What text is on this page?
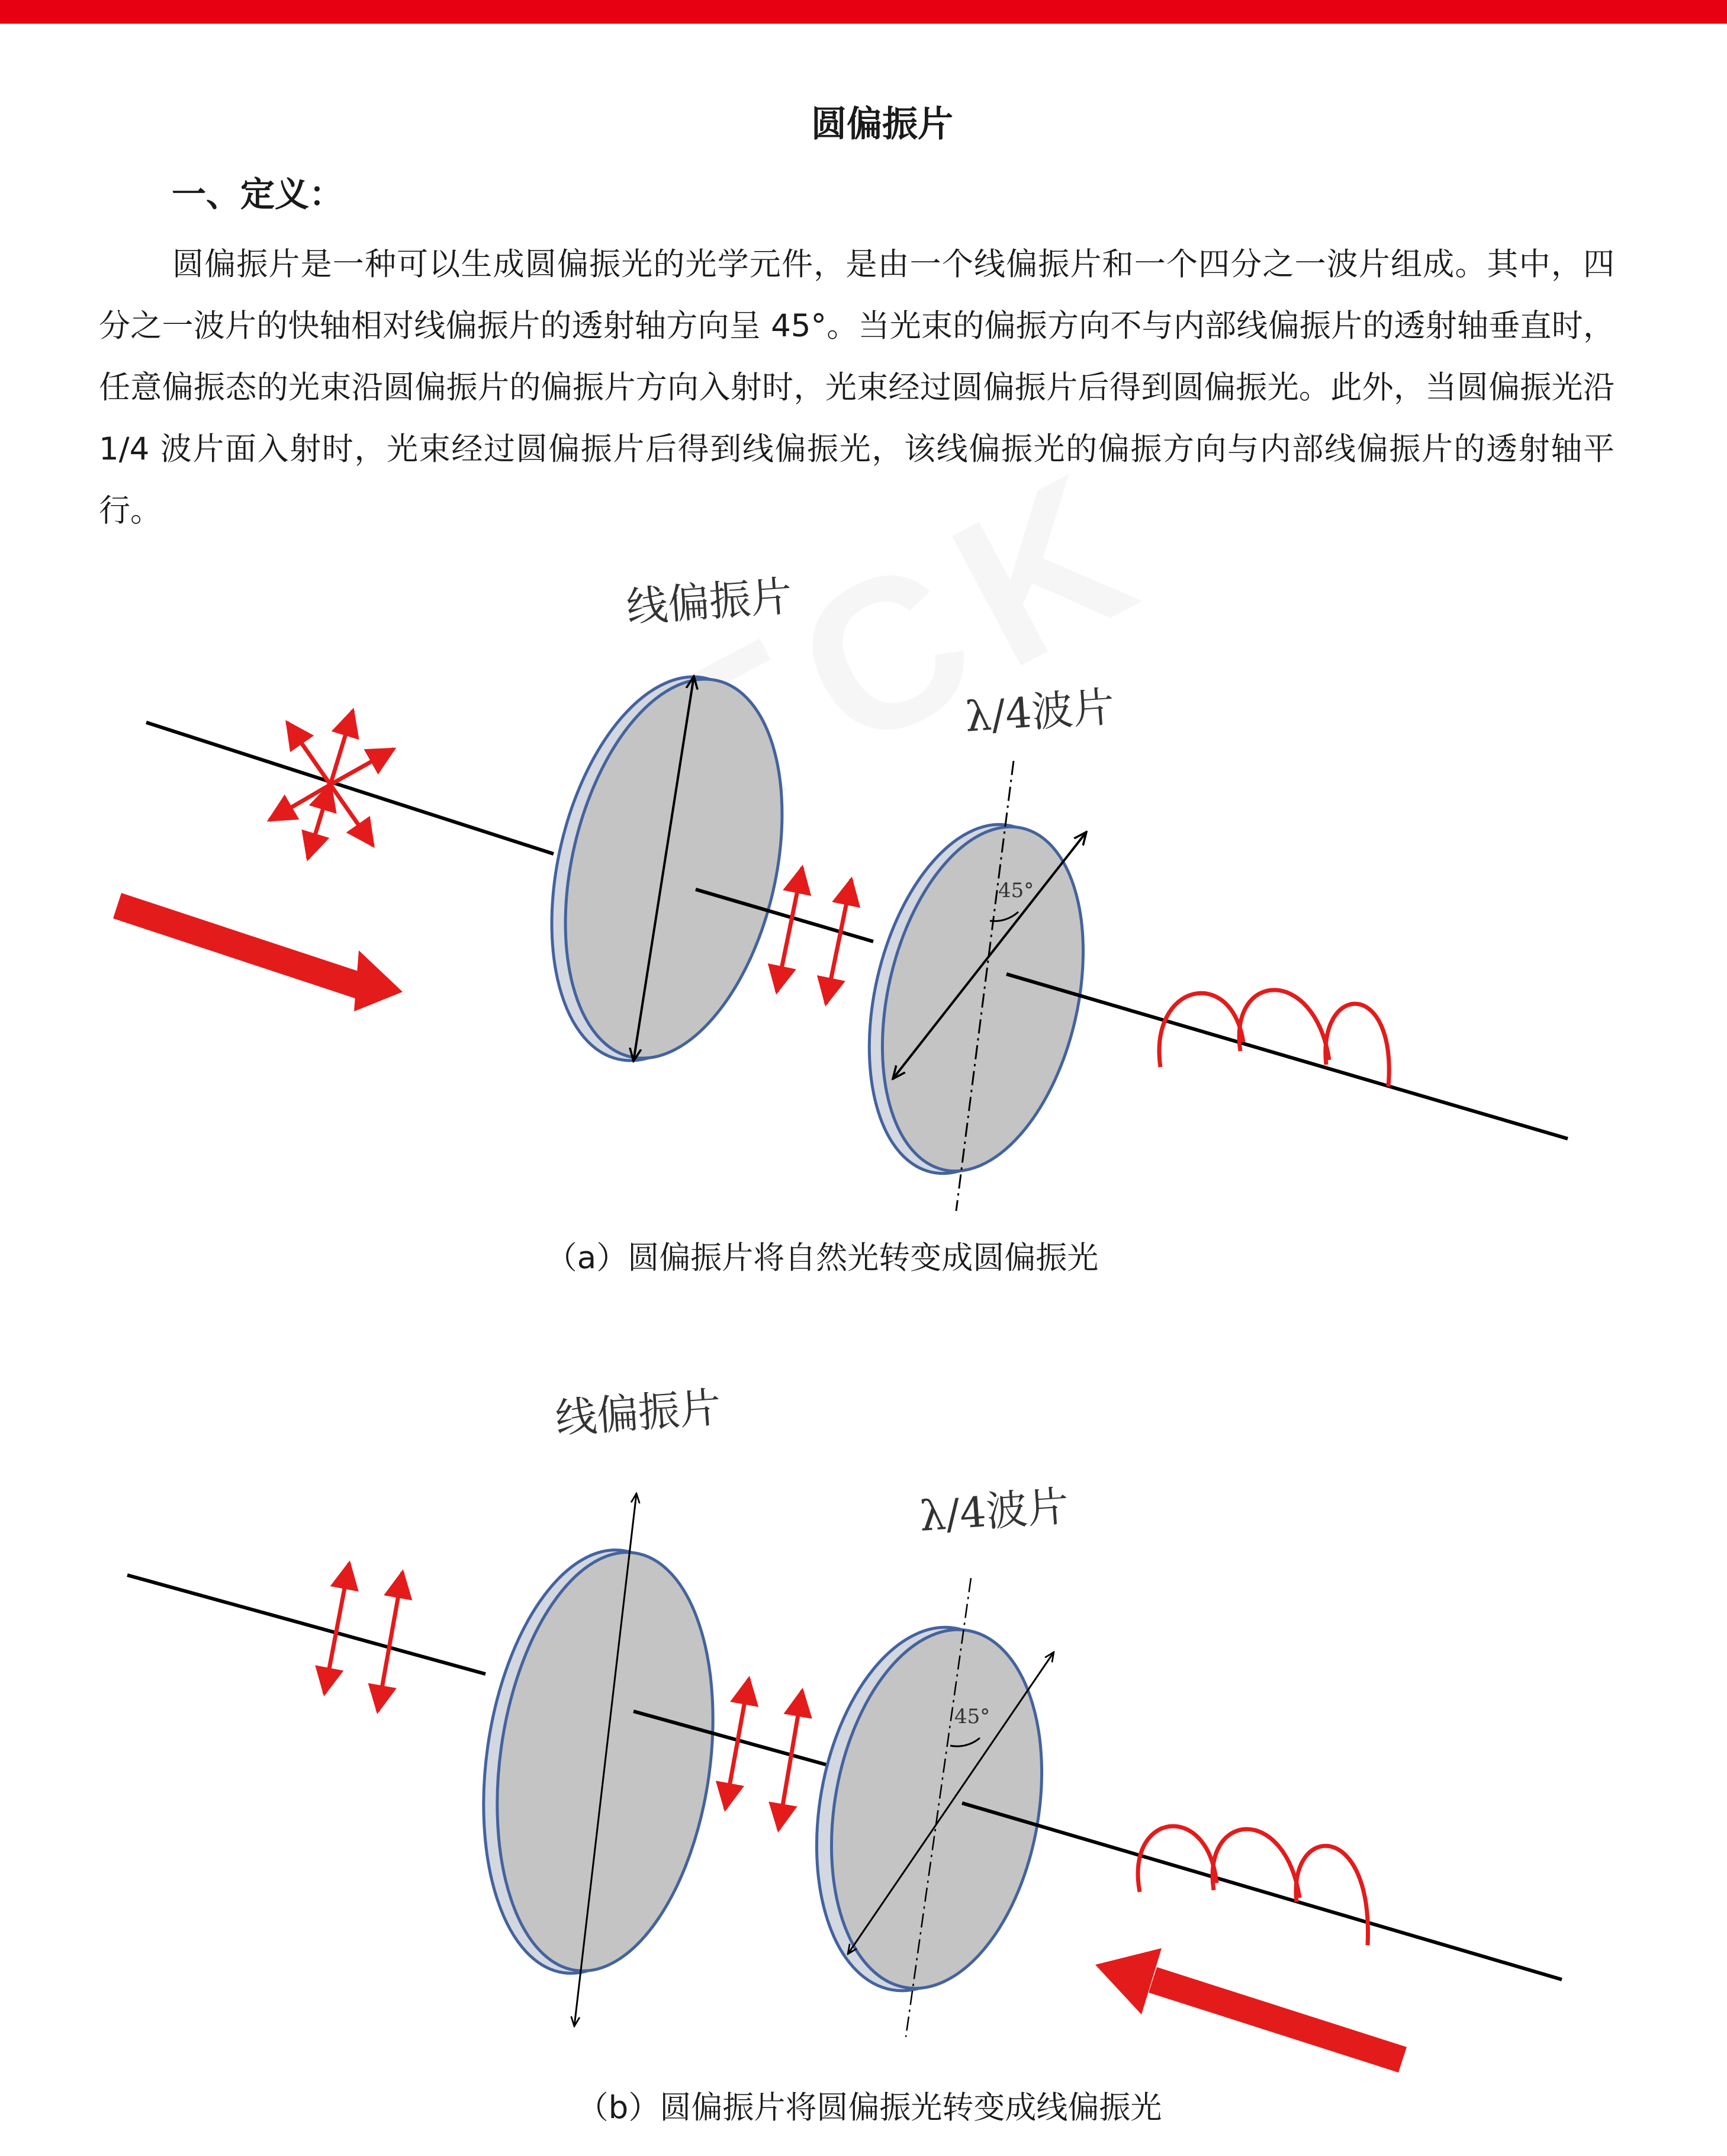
圆偏振片
一、定义：

圆偏振片是一种可以生成圆偏振光的光学元件，是由一个线偏振片和一个四分之一波片组成。其中，四分之一波片的快轴相对线偏振片的透射轴方向呈 45°。当光束的偏振方向不与内部线偏振片的透射轴垂直时，任意偏振态的光束沿圆偏振片的偏振片方向入射时，光束经过圆偏振片后得到圆偏振光。此外，当圆偏振光沿 1/4 波片面入射时，光束经过圆偏振片后得到线偏振光，该线偏振光的偏振方向与内部线偏振片的透射轴平行。

45°
线偏振片
λ/4波片
（a）圆偏振片将自然光转变成圆偏振光
45°
线偏振片
λ/4波片
（b）圆偏振片将圆偏振光转变成线偏振光
